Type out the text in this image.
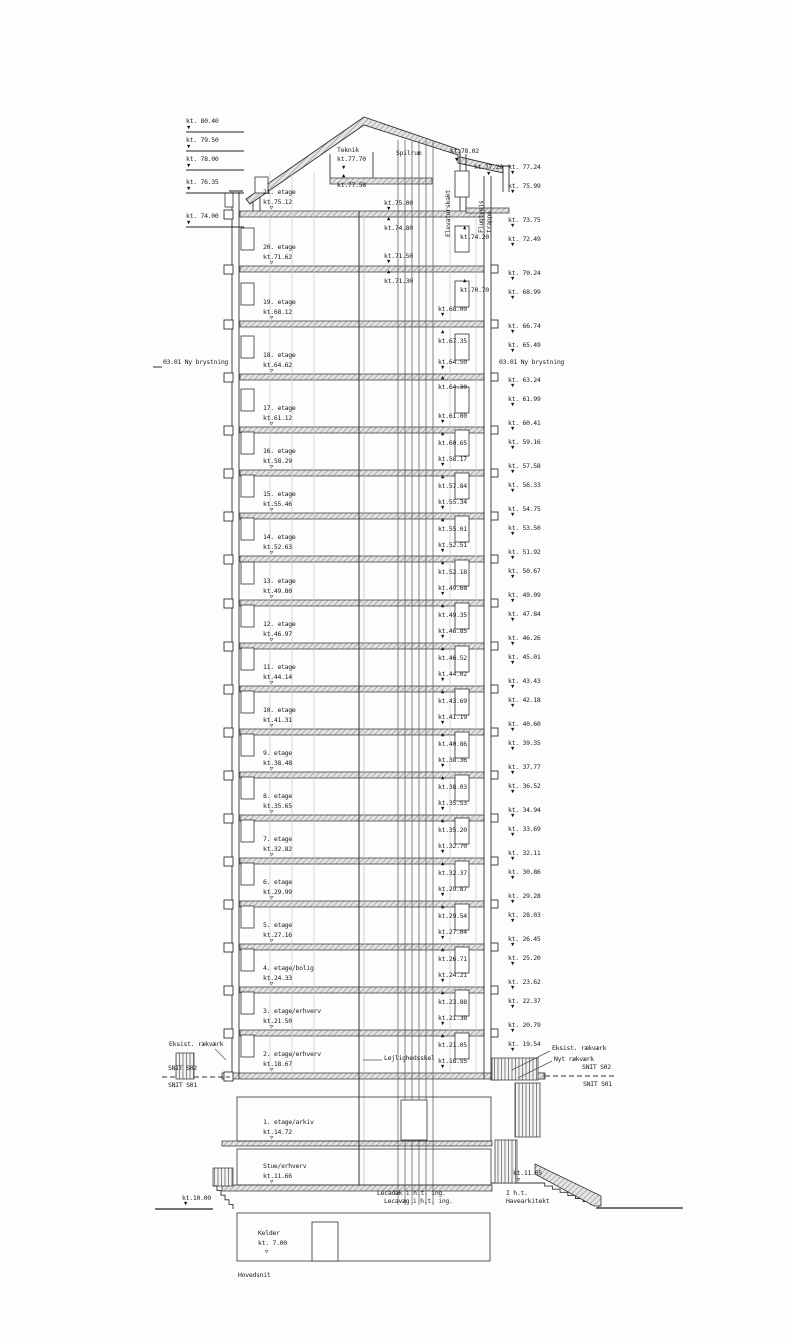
Teknik
kt.77.70
▼
▲
kt.77.58
Spilrum	kt.78.02
▼
kt.77.29
▼
Elevatorskakt	Flugtvejs trappe
03.01 Ny brystning	03.01 Ny brystning
Lejlighedsskel
Eksist. rækværk	Eksist. rækværk
Nyt rækværk
SNIT S02
SNIT S01
SNIT S02
SNIT S01
kt.11.65
▽
Lecadæk i h.t. ing.
Lecavæg i h.t. ing.
I h.t.
Havearkitekt
kt.10.00
▼
Kelder
kt. 7.00
▽
Hovedsnit
kt. 80.40
▼
kt. 79.50
▼
kt. 78.00
▼
kt. 76.35
▼
kt. 74.00
▼
kt. 77.24
▼
kt. 75.99
▼
kt. 73.75
▼
kt. 72.49
▼
kt. 70.24
▼
kt. 68.99
▼
kt. 66.74
▼
kt. 65.49
▼
kt. 63.24
▼
kt. 61.99
▼
kt. 60.41
▼
kt. 59.16
▼
kt. 57.58
▼
kt. 56.33
▼
kt. 54.75
▼
kt. 53.50
▼
kt. 51.92
▼
kt. 50.67
▼
kt. 49.09
▼
kt. 47.84
▼
kt. 46.26
▼
kt. 45.01
▼
kt. 43.43
▼
kt. 42.18
▼
kt. 40.60
▼
kt. 39.35
▼
kt. 37.77
▼
kt. 36.52
▼
kt. 34.94
▼
kt. 33.69
▼
kt. 32.11
▼
kt. 30.86
▼
kt. 29.28
▼
kt. 28.03
▼
kt. 26.45
▼
kt. 25.20
▼
kt. 23.62
▼
kt. 22.37
▼
kt. 20.79
▼
kt. 19.54
▼
kt.75.00
▼
▲
kt.74.80
kt.71.50
▼
▲
kt.71.30
▲
kt.74.20
▲
kt.70.70
kt.68.00
▼
▲
kt.67.35
kt.64.50
▼
▲
kt.64.30
kt.61.00
▼
▲
kt.60.65
kt.58.17
▼
▲
kt.57.84
kt.55.34
▼
▲
kt.55.01
kt.52.51
▼
▲
kt.52.18
kt.49.68
▼
▲
kt.49.35
kt.46.85
▼
▲
kt.46.52
kt.44.02
▼
▲
kt.43.69
kt.41.19
▼
▲
kt.40.86
kt.38.36
▼
▲
kt.38.03
kt.35.53
▼
▲
kt.35.20
kt.32.70
▼
▲
kt.32.37
kt.29.87
▼
▲
kt.29.54
kt.27.04
▼
▲
kt.26.71
kt.24.21
▼
▲
kt.23.88
kt.21.38
▼
▲
kt.21.05
kt.18.55
▼
21. etage
kt.75.12
▽
20. etage
kt.71.62
▽
19. etage
kt.68.12
▽
18. etage
kt.64.62
▽
17. etage
kt.61.12
▽
16. etage
kt.58.29
▽
15. etage
kt.55.46
▽
14. etage
kt.52.63
▽
13. etage
kt.49.80
▽
12. etage
kt.46.97
▽
11. etage
kt.44.14
▽
10. etage
kt.41.31
▽
9. etage
kt.38.48
▽
8. etage
kt.35.65
▽
7. etage
kt.32.82
▽
6. etage
kt.29.99
▽
5. etage
kt.27.16
▽
4. etage/bolig
kt.24.33
▽
3. etage/erhverv
kt.21.50
▽
2. etage/erhverv
kt.18.67
▽
1. etage/arkiv
kt.14.72
▽
Stue/erhverv
kt.11.66
▽
